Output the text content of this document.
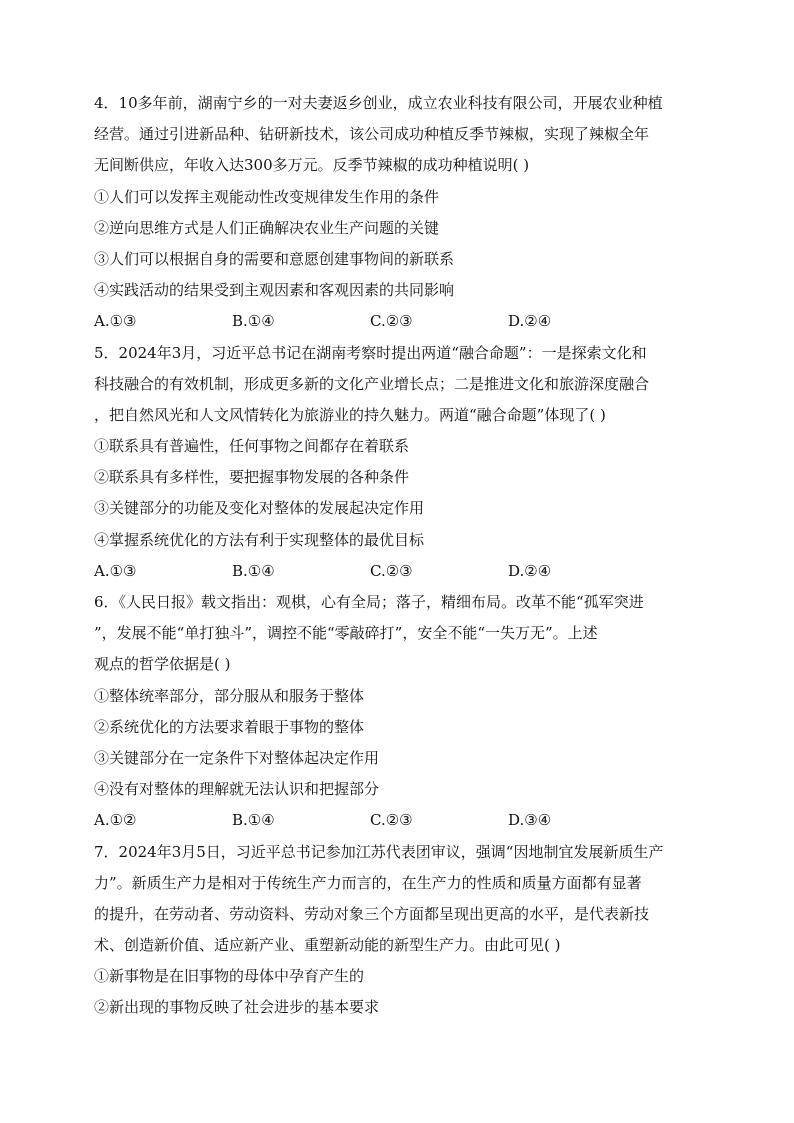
4．10多年前，湖南宁乡的一对夫妻返乡创业，成立农业科技有限公司，开展农业种植
经营。通过引进新品种、钻研新技术，该公司成功种植反季节辣椒，实现了辣椒全年
无间断供应，年收入达300多万元。反季节辣椒的成功种植说明( )
①人们可以发挥主观能动性改变规律发生作用的条件
②逆向思维方式是人们正确解决农业生产问题的关键
③人们可以根据自身的需要和意愿创建事物间的新联系
④实践活动的结果受到主观因素和客观因素的共同影响
A.①③	B.①④	C.②③	D.②④
5．2024年3月，习近平总书记在湖南考察时提出两道“融合命题”：一是探索文化和
科技融合的有效机制，形成更多新的文化产业增长点；二是推进文化和旅游深度融合
，把自然风光和人文风情转化为旅游业的持久魅力。两道“融合命题”体现了( )
①联系具有普遍性，任何事物之间都存在着联系
②联系具有多样性，要把握事物发展的各种条件
③关键部分的功能及变化对整体的发展起决定作用
④掌握系统优化的方法有利于实现整体的最优目标
A.①③	B.①④	C.②③	D.②④
6．《人民日报》载文指出：观棋，心有全局；落子，精细布局。改革不能“孤军突进
”，发展不能“单打独斗”，调控不能“零敲碎打”，安全不能“一失万无”。上述
观点的哲学依据是( )
①整体统率部分，部分服从和服务于整体
②系统优化的方法要求着眼于事物的整体
③关键部分在一定条件下对整体起决定作用
④没有对整体的理解就无法认识和把握部分
A.①②	B.①④	C.②③	D.③④
7．2024年3月5日，习近平总书记参加江苏代表团审议，强调“因地制宜发展新质生产
力”。新质生产力是相对于传统生产力而言的，在生产力的性质和质量方面都有显著
的提升，在劳动者、劳动资料、劳动对象三个方面都呈现出更高的水平，是代表新技
术、创造新价值、适应新产业、重塑新动能的新型生产力。由此可见( )
①新事物是在旧事物的母体中孕育产生的
②新出现的事物反映了社会进步的基本要求
